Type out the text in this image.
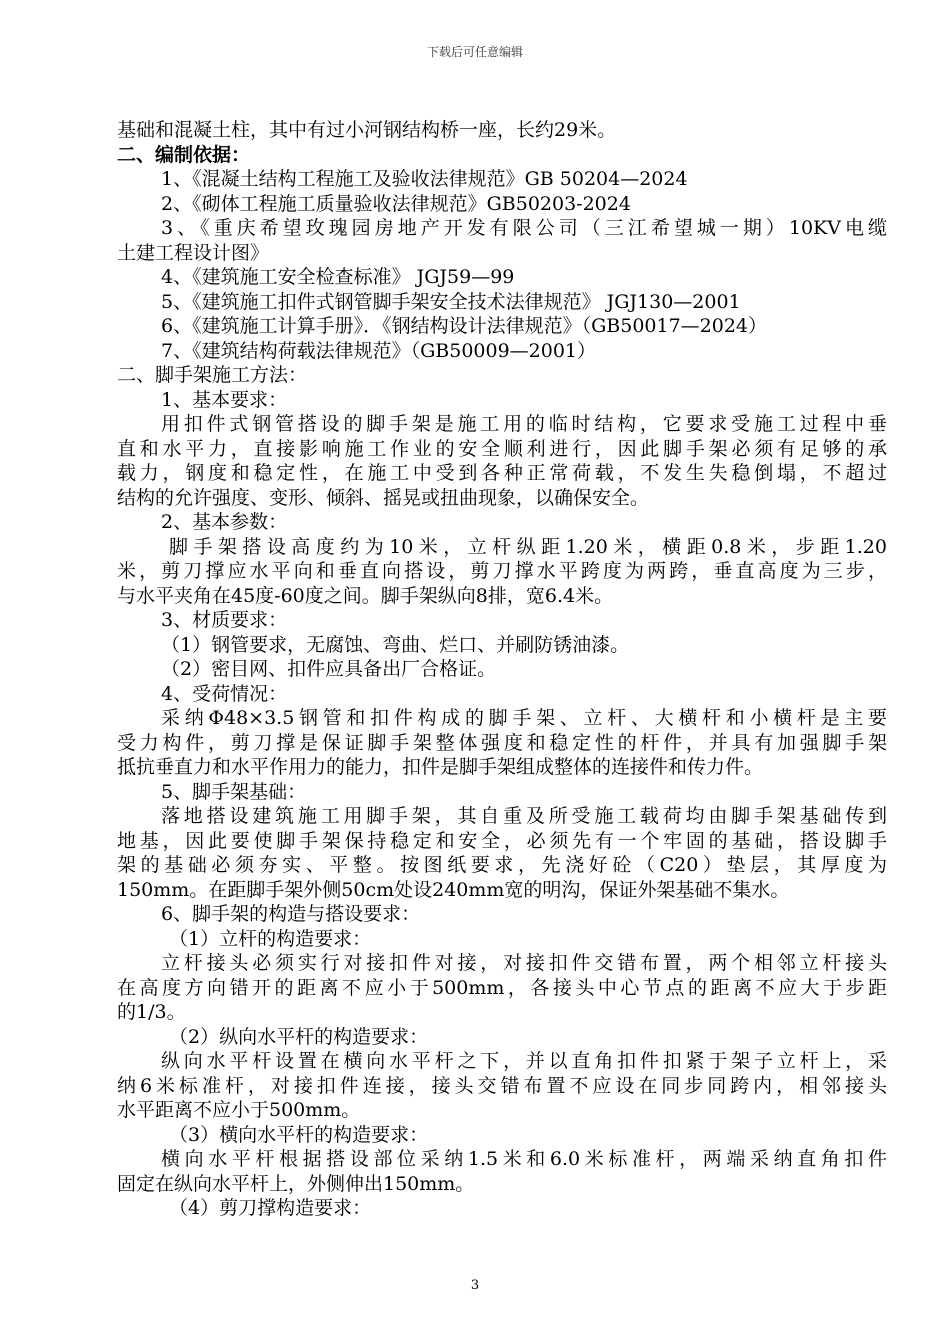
下载后可任意编辑
基础和混凝土柱，其中有过小河钢结构桥一座，长约29米。
二、编制依据：
1、《混凝土结构工程施工及验收法律规范》GB 50204—2024
2、《砌体工程施工质量验收法律规范》GB50203-2024
3、《重庆希望玫瑰园房地产开发有限公司（三江希望城一期）10KV电缆
土建工程设计图》
4、《建筑施工安全检查标准》 JGJ59—99
5、《建筑施工扣件式钢管脚手架安全技术法律规范》 JGJ130—2001
6、《建筑施工计算手册》．《钢结构设计法律规范》（GB50017—2024）
7、《建筑结构荷载法律规范》（GB50009—2001）
二、脚手架施工方法：
1、基本要求：
用扣件式钢管搭设的脚手架是施工用的临时结构，它要求受施工过程中垂
直和水平力，直接影响施工作业的安全顺利进行，因此脚手架必须有足够的承
载力，钢度和稳定性，在施工中受到各种正常荷载，不发生失稳倒塌，不超过
结构的允许强度、变形、倾斜、摇晃或扭曲现象，以确保安全。
2、基本参数：
脚手架搭设高度约为10米，立杆纵距1.20米，横距0.8米，步距1.20
米，剪刀撑应水平向和垂直向搭设，剪刀撑水平跨度为两跨，垂直高度为三步，
与水平夹角在45度-60度之间。脚手架纵向8排，宽6.4米。
3、材质要求：
（1）钢管要求，无腐蚀、弯曲、烂口、并刷防锈油漆。
（2）密目网、扣件应具备出厂合格证。
4、受荷情况：
采纳Φ48×3.5钢管和扣件构成的脚手架、立杆、大横杆和小横杆是主要
受力构件，剪刀撑是保证脚手架整体强度和稳定性的杆件，并具有加强脚手架
抵抗垂直力和水平作用力的能力，扣件是脚手架组成整体的连接件和传力件。
5、脚手架基础：
落地搭设建筑施工用脚手架，其自重及所受施工载荷均由脚手架基础传到
地基，因此要使脚手架保持稳定和安全，必须先有一个牢固的基础，搭设脚手
架的基础必须夯实、平整。按图纸要求，先浇好砼（C20）垫层，其厚度为
150mm。在距脚手架外侧50cm处设240mm宽的明沟，保证外架基础不集水。
6、脚手架的构造与搭设要求：
（1）立杆的构造要求：
立杆接头必须实行对接扣件对接，对接扣件交错布置，两个相邻立杆接头
在高度方向错开的距离不应小于500mm，各接头中心节点的距离不应大于步距
的1/3。
（2）纵向水平杆的构造要求：
纵向水平杆设置在横向水平杆之下，并以直角扣件扣紧于架子立杆上，采
纳6米标准杆，对接扣件连接，接头交错布置不应设在同步同跨内，相邻接头
水平距离不应小于500mm。
（3）横向水平杆的构造要求：
横向水平杆根据搭设部位采纳1.5米和6.0米标准杆，两端采纳直角扣件
固定在纵向水平杆上，外侧伸出150mm。
（4）剪刀撑构造要求：
3
